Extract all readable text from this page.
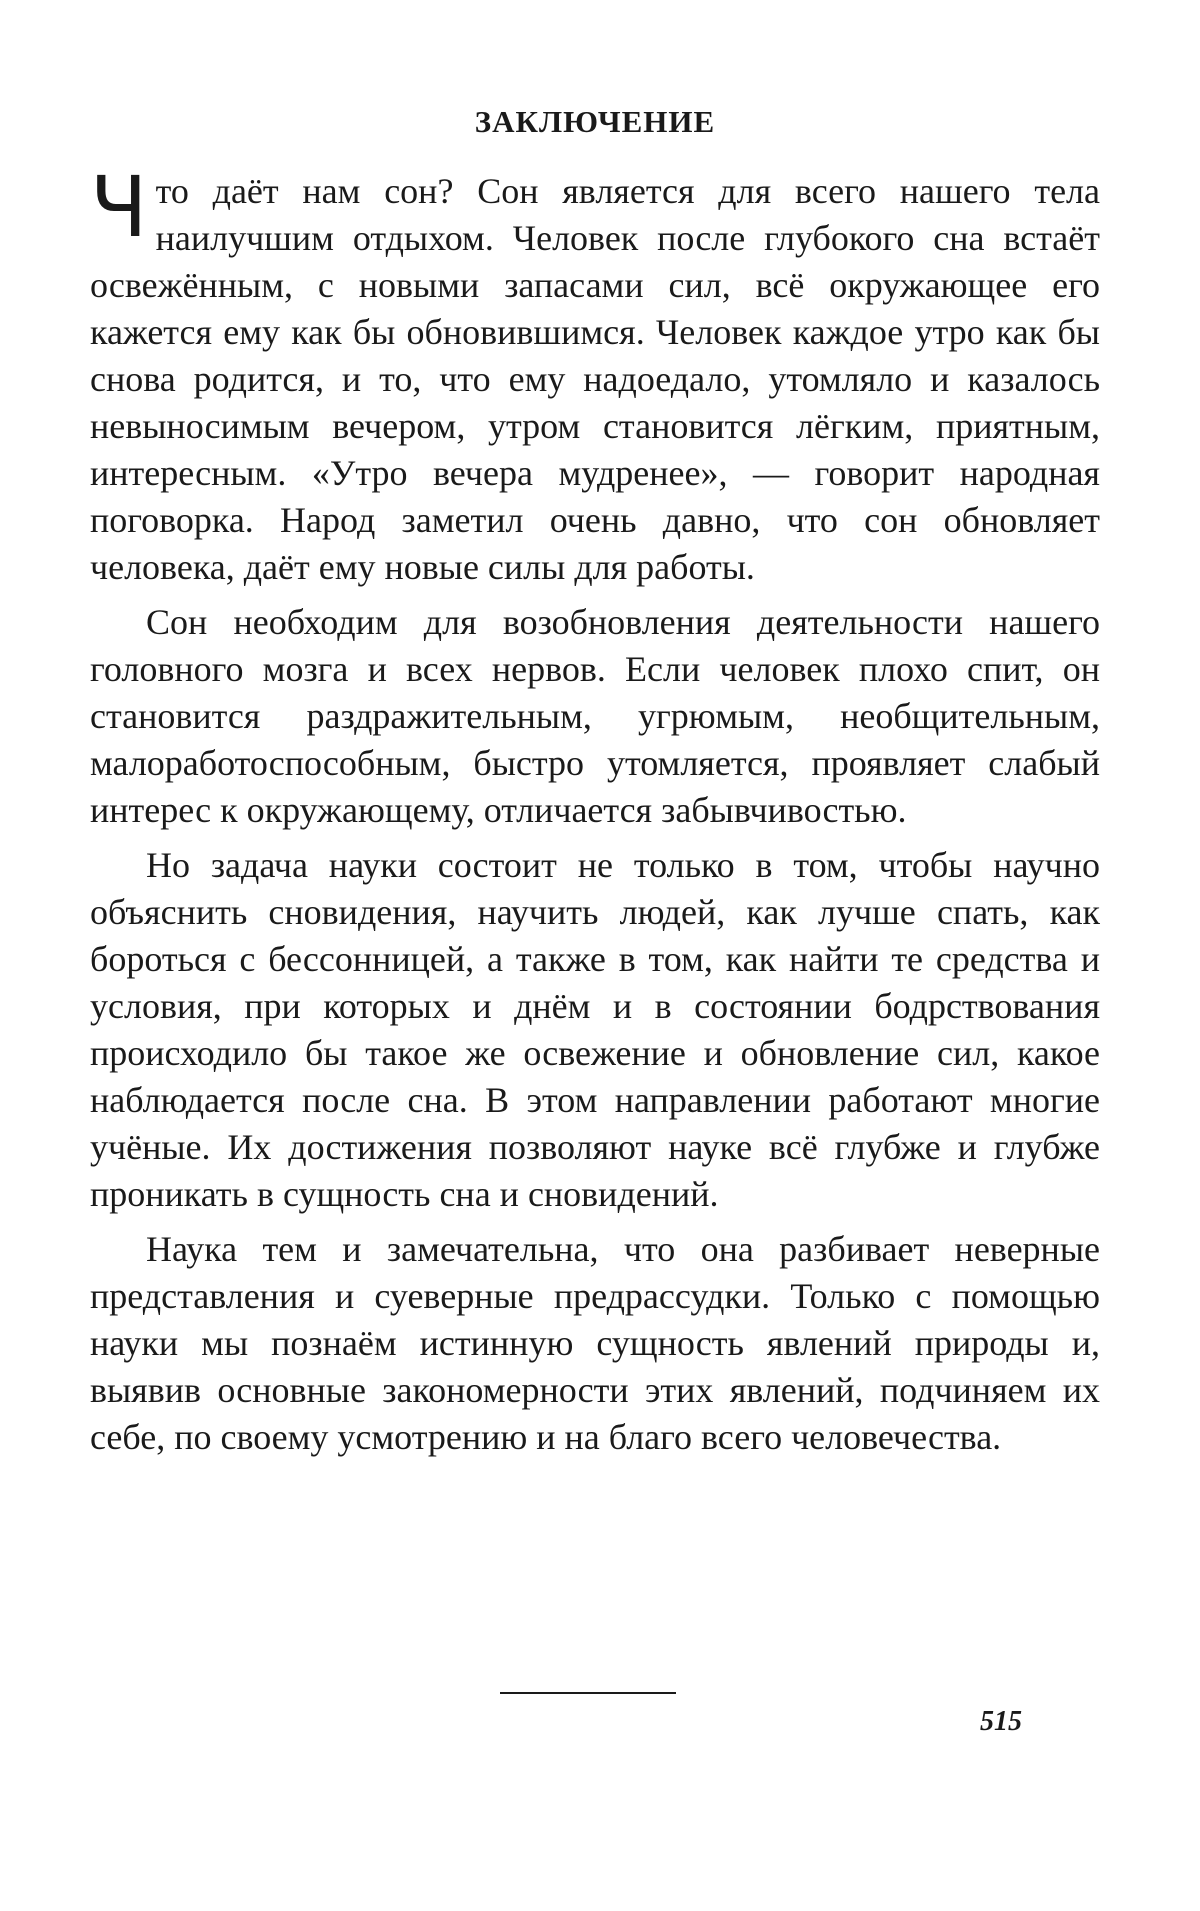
ЗАКЛЮЧЕНИЕ

Что даёт нам сон? Сон является для всего нашего тела наилучшим отдыхом. Человек после глубокого сна встаёт освежённым, с новыми запасами сил, всё окружающее его кажется ему как бы обновившимся. Человек каждое утро как бы снова родится, и то, что ему надоедало, утомляло и казалось невыносимым вечером, утром становится лёгким, приятным, интересным. «Утро вечера мудренее», — говорит народная поговорка. Народ заметил очень давно, что сон обновляет человека, даёт ему новые силы для работы.

Сон необходим для возобновления деятельности нашего головного мозга и всех нервов. Если человек плохо спит, он становится раздражительным, угрюмым, необщительным, малоработоспособным, быстро утомляется, проявляет слабый интерес к окружающему, отличается забывчивостью.

Но задача науки состоит не только в том, чтобы научно объяснить сновидения, научить людей, как лучше спать, как бороться с бессонницей, а также в том, как найти те средства и условия, при которых и днём и в состоянии бодрствования происходило бы такое же освежение и обновление сил, какое наблюдается после сна. В этом направлении работают многие учёные. Их достижения позволяют науке всё глубже и глубже проникать в сущность сна и сновидений.

Наука тем и замечательна, что она разбивает неверные представления и суеверные предрассудки. Только с помощью науки мы познаём истинную сущность явлений природы и, выявив основные закономерности этих явлений, подчиняем их себе, по своему усмотрению и на благо всего человечества.

515
